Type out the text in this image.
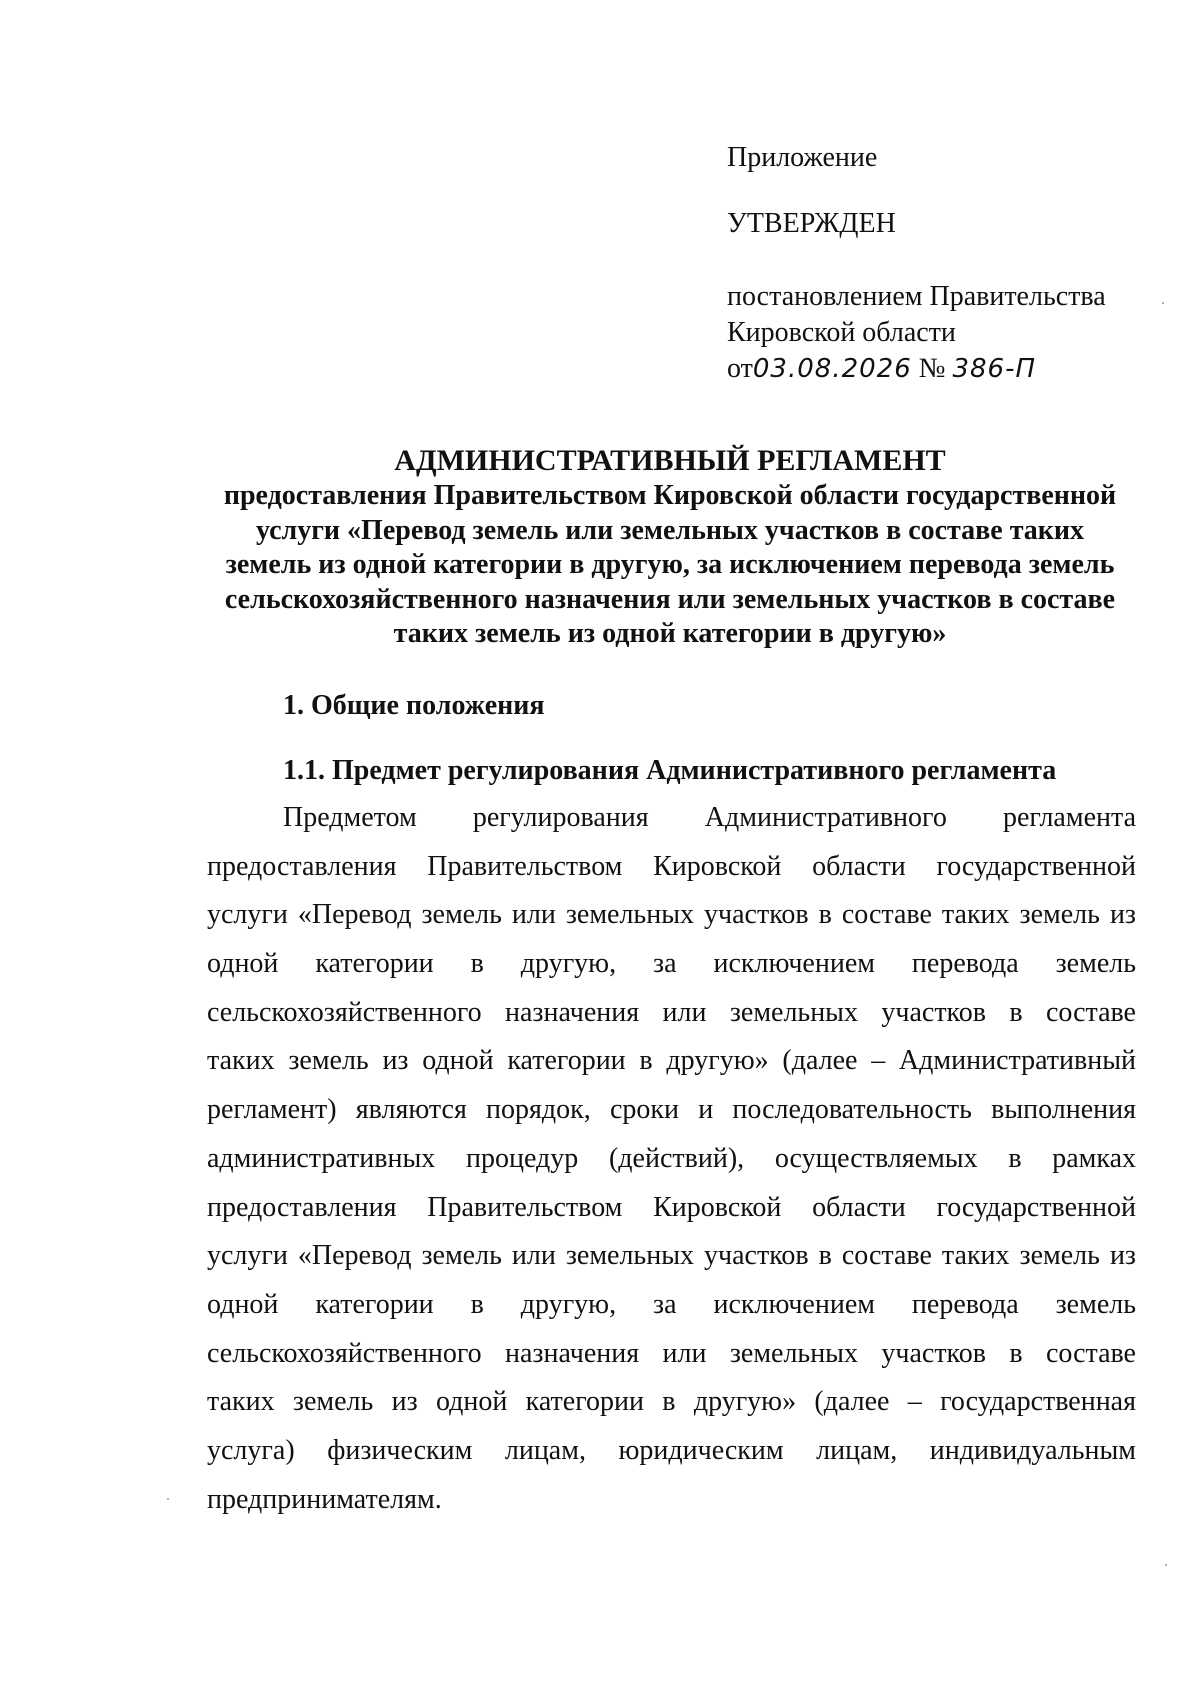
Приложение
УТВЕРЖДЕН
постановлением Правительства
Кировской области
от03.08.2026 № 386-П
АДМИНИСТРАТИВНЫЙ РЕГЛАМЕНТ
предоставления Правительством Кировской области государственной
услуги «Перевод земель или земельных участков в составе таких
земель из одной категории в другую, за исключением перевода земель
сельскохозяйственного назначения или земельных участков в составе
таких земель из одной категории в другую»
1. Общие положения
1.1. Предмет регулирования Административного регламента
Предметом регулирования Административного регламента
предоставления Правительством Кировской области государственной
услуги «Перевод земель или земельных участков в составе таких земель из
одной категории в другую, за исключением перевода земель
сельскохозяйственного назначения или земельных участков в составе
таких земель из одной категории в другую» (далее – Административный
регламент) являются порядок, сроки и последовательность выполнения
административных процедур (действий), осуществляемых в рамках
предоставления Правительством Кировской области государственной
услуги «Перевод земель или земельных участков в составе таких земель из
одной категории в другую, за исключением перевода земель
сельскохозяйственного назначения или земельных участков в составе
таких земель из одной категории в другую» (далее – государственная
услуга) физическим лицам, юридическим лицам, индивидуальным
предпринимателям.
